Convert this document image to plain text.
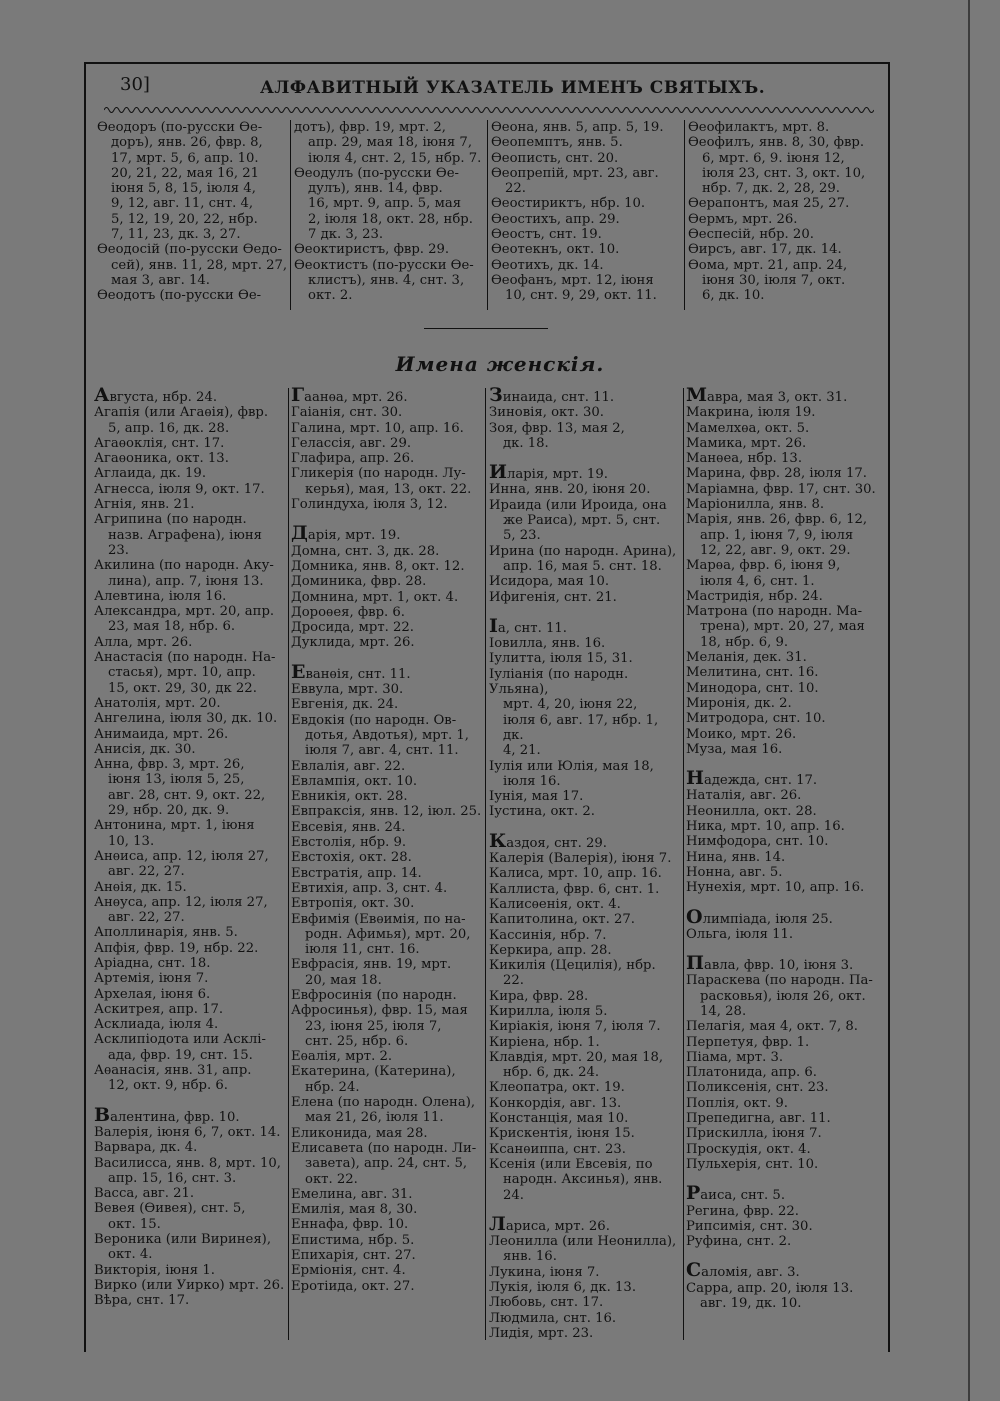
30]	АЛФАВИТНЫЙ УКАЗАТЕЛЬ ИМЕНЪ СВЯТЫХЪ.

Ѳеодоръ (по-русски Ѳе-

доръ), янв. 26, фвр. 8,

17, мрт. 5, 6, апр. 10.

20, 21, 22, мая 16, 21

іюня 5, 8, 15, іюля 4,

9, 12, авг. 11, снт. 4,

5, 12, 19, 20, 22, нбр.

7, 11, 23, дк. 3, 27.

Ѳеодосій (по-русски Ѳедо-

сей), янв. 11, 28, мрт. 27,

мая 3, авг. 14.

Ѳеодотъ (по-русски Ѳе-

дотъ), фвр. 19, мрт. 2,

апр. 29, мая 18, іюня 7,

іюля 4, снт. 2, 15, нбр. 7.

Ѳеодулъ (по-русски Ѳе-

дулъ), янв. 14, фвр.

16, мрт. 9, апр. 5, мая

2, іюля 18, окт. 28, нбр.

7 дк. 3, 23.

Ѳеоктиристъ, фвр. 29.

Ѳеоктистъ (по-русски Ѳе-

клистъ), янв. 4, снт. 3,

окт. 2.

Ѳеона, янв. 5, апр. 5, 19.

Ѳеопемптъ, янв. 5.

Ѳеописть, снт. 20.

Ѳеопрепій, мрт. 23, авг.

22.

Ѳеостириктъ, нбр. 10.

Ѳеостихъ, апр. 29.

Ѳеостъ, снт. 19.

Ѳеотекнъ, окт. 10.

Ѳеотихъ, дк. 14.

Ѳеофанъ, мрт. 12, іюня

10, снт. 9, 29, окт. 11.

Ѳеофилактъ, мрт. 8.

Ѳеофилъ, янв. 8, 30, фвр.

6, мрт. 6, 9. іюня 12,

іюля 23, снт. 3, окт. 10,

нбр. 7, дк. 2, 28, 29.

Ѳерапонтъ, мая 25, 27.

Ѳермъ, мрт. 26.

Ѳеспесій, нбр. 20.

Ѳирсъ, авг. 17, дк. 14.

Ѳома, мрт. 21, апр. 24,

іюня 30, іюля 7, окт.

6, дк. 10.

Имена женскія.

Августа, нбр. 24.

Агапія (или Агаѳія), фвр.

5, апр. 16, дк. 28.

Агаѳоклія, снт. 17.

Агаѳоника, окт. 13.

Аглаида, дк. 19.

Агнесса, іюля 9, окт. 17.

Агнія, янв. 21.

Агрипина (по народн.

назв. Аграфена), іюня 23.

Акилина (по народн. Аку-

лина), апр. 7, іюня 13.

Алевтина, іюля 16.

Александра, мрт. 20, апр.

23, мая 18, нбр. 6.

Алла, мрт. 26.

Анастасія (по народн. На-

стасья), мрт. 10, апр.

15, окт. 29, 30, дк 22.

Анатолія, мрт. 20.

Ангелина, іюля 30, дк. 10.

Анимаида, мрт. 26.

Анисія, дк. 30.

Анна, фвр. 3, мрт. 26,

іюня 13, іюля 5, 25,

авг. 28, снт. 9, окт. 22,

29, нбр. 20, дк. 9.

Антонина, мрт. 1, іюня

10, 13.

Анѳиса, апр. 12, іюля 27,

авг. 22, 27.

Анѳія, дк. 15.

Анѳуса, апр. 12, іюля 27,

авг. 22, 27.

Аполлинарія, янв. 5.

Апфія, фвр. 19, нбр. 22.

Аріадна, снт. 18.

Артемія, іюня 7.

Архелая, іюня 6.

Аскитрея, апр. 17.

Асклиада, іюля 4.

Асклипіодота или Асклі-

ада, фвр. 19, снт. 15.

Аѳанасія, янв. 31, апр.

12, окт. 9, нбр. 6.

Валентина, фвр. 10.

Валерія, іюня 6, 7, окт. 14.

Варвара, дк. 4.

Василисса, янв. 8, мрт. 10,

апр. 15, 16, снт. 3.

Васса, авг. 21.

Вевея (Ѳивея), снт. 5,

окт. 15.

Вероника (или Виринея),

окт. 4.

Викторія, іюня 1.

Вирко (или Уирко) мрт. 26.

Вѣра, снт. 17.

Гаанѳа, мрт. 26.

Гаіанія, снт. 30.

Галина, мрт. 10, апр. 16.

Гелассія, авг. 29.

Глафира, апр. 26.

Гликерія (по народн. Лу-

керья), мая, 13, окт. 22.

Голиндуха, іюля 3, 12.

Дарія, мрт. 19.

Домна, снт. 3, дк. 28.

Домника, янв. 8, окт. 12.

Доминика, фвр. 28.

Домнина, мрт. 1, окт. 4.

Дороѳея, фвр. 6.

Дросида, мрт. 22.

Дуклида, мрт. 26.

Еванѳія, снт. 11.

Еввула, мрт. 30.

Евгенія, дк. 24.

Евдокія (по народн. Ов-

дотья, Авдотья), мрт. 1,

іюля 7, авг. 4, снт. 11.

Евлалія, авг. 22.

Евлампія, окт. 10.

Евникія, окт. 28.

Евпраксія, янв. 12, іюл. 25.

Евсевія, янв. 24.

Евстолія, нбр. 9.

Евстохія, окт. 28.

Евстратія, апр. 14.

Евтихія, апр. 3, снт. 4.

Евтропія, окт. 30.

Евфимія (Евѳимія, по на-

родн. Афимья), мрт. 20,

іюля 11, снт. 16.

Евфрасія, янв. 19, мрт.

20, мая 18.

Евфросинія (по народн.

Афросинья), фвр. 15, мая

23, іюня 25, іюля 7,

снт. 25, нбр. 6.

Еѳалія, мрт. 2.

Екатерина, (Катерина),

нбр. 24.

Елена (по народн. Олена),

мая 21, 26, іюля 11.

Еликонида, мая 28.

Елисавета (по народн. Ли-

завета), апр. 24, снт. 5,

окт. 22.

Емелина, авг. 31.

Емилія, мая 8, 30.

Еннафа, фвр. 10.

Епистима, нбр. 5.

Епихарія, снт. 27.

Ерміонія, снт. 4.

Еротіида, окт. 27.

Зинаида, снт. 11.

Зиновія, окт. 30.

Зоя, фвр. 13, мая 2,

дк. 18.

Иларія, мрт. 19.

Инна, янв. 20, іюня 20.

Ираида (или Ироида, она

же Раиса), мрт. 5, снт.

5, 23.

Ирина (по народн. Арина),

апр. 16, мая 5. снт. 18.

Исидора, мая 10.

Ифигенія, снт. 21.

Іа, снт. 11.

Іовилла, янв. 16.

Іулитта, іюля 15, 31.

Іуліанія (по народн. Ульяна),

мрт. 4, 20, іюня 22,

іюля 6, авг. 17, нбр. 1, дк.

4, 21.

Іулія или Юлія, мая 18,

іюля 16.

Іунія, мая 17.

Іустина, окт. 2.

Каздоя, снт. 29.

Калерія (Валерія), іюня 7.

Калиса, мрт. 10, апр. 16.

Каллиста, фвр. 6, снт. 1.

Калисѳенія, окт. 4.

Капитолина, окт. 27.

Кассинія, нбр. 7.

Керкира, апр. 28.

Кикилія (Цецилія), нбр.

22.

Кира, фвр. 28.

Кирилла, іюля 5.

Киріакія, іюня 7, іюля 7.

Киріена, нбр. 1.

Клавдія, мрт. 20, мая 18,

нбр. 6, дк. 24.

Клеопатра, окт. 19.

Конкордія, авг. 13.

Констанція, мая 10.

Крискентія, іюня 15.

Ксанѳиппа, снт. 23.

Ксенія (или Евсевія, по

народн. Аксинья), янв. 24.

Лариса, мрт. 26.

Леонилла (или Неонилла),

янв. 16.

Лукина, іюня 7.

Лукія, іюля 6, дк. 13.

Любовь, снт. 17.

Людмила, снт. 16.

Лидія, мрт. 23.

Мавра, мая 3, окт. 31.

Макрина, іюля 19.

Мамелхѳа, окт. 5.

Мамика, мрт. 26.

Манѳеа, нбр. 13.

Марина, фвр. 28, іюля 17.

Маріамна, фвр. 17, снт. 30.

Маріонилла, янв. 8.

Марія, янв. 26, фвр. 6, 12,

апр. 1, іюня 7, 9, іюля

12, 22, авг. 9, окт. 29.

Марѳа, фвр. 6, іюня 9,

іюля 4, 6, снт. 1.

Мастридія, нбр. 24.

Матрона (по народн. Ма-

трена), мрт. 20, 27, мая

18, нбр. 6, 9.

Меланія, дек. 31.

Мелитина, снт. 16.

Минодора, снт. 10.

Миронія, дк. 2.

Митродора, снт. 10.

Моико, мрт. 26.

Муза, мая 16.

Надежда, снт. 17.

Наталія, авг. 26.

Неонилла, окт. 28.

Ника, мрт. 10, апр. 16.

Нимфодора, снт. 10.

Нина, янв. 14.

Нонна, авг. 5.

Нунехія, мрт. 10, апр. 16.

Олимпіада, іюля 25.

Ольга, іюля 11.

Павла, фвр. 10, іюня 3.

Параскева (по народн. Па-

расковья), іюля 26, окт.

14, 28.

Пелагія, мая 4, окт. 7, 8.

Перпетуя, фвр. 1.

Піама, мрт. 3.

Платонида, апр. 6.

Поликсенія, снт. 23.

Поплія, окт. 9.

Препедигна, авг. 11.

Прискилла, іюня 7.

Проскудія, окт. 4.

Пульхерія, снт. 10.

Раиса, снт. 5.

Регина, фвр. 22.

Рипсимія, снт. 30.

Руфина, снт. 2.

Саломія, авг. 3.

Сарра, апр. 20, іюля 13.

авг. 19, дк. 10.
